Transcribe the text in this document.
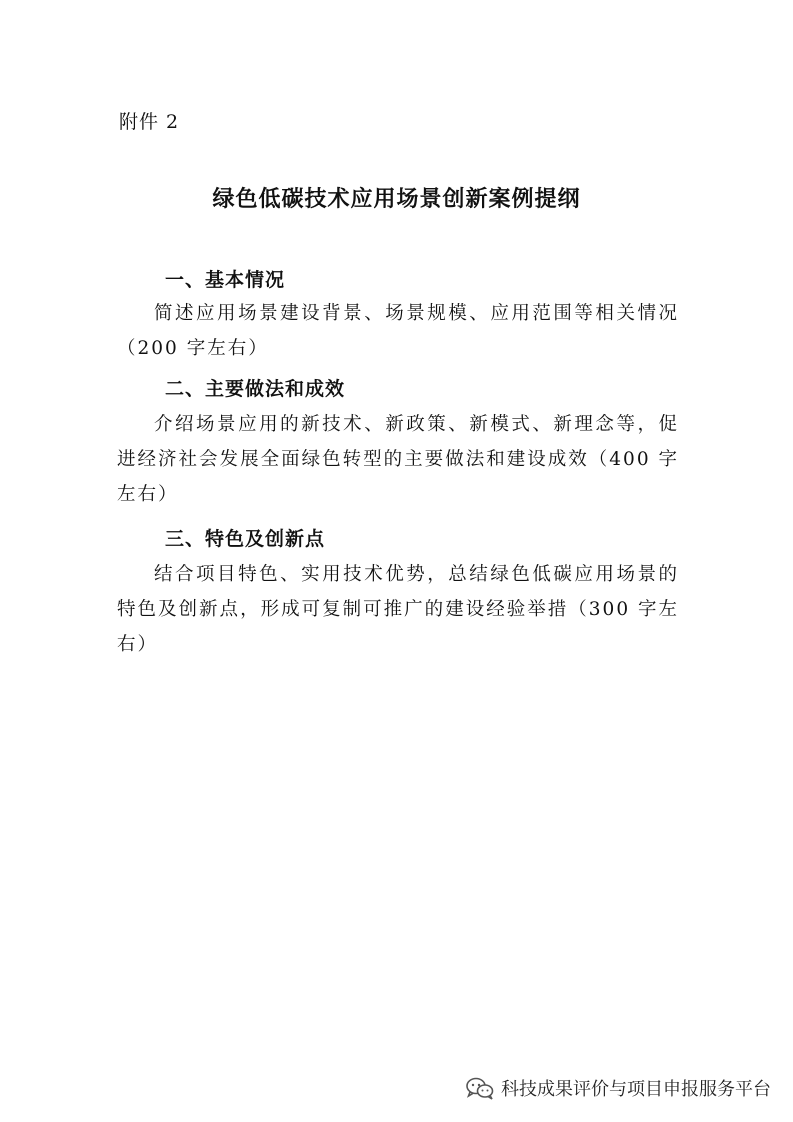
附件 2
绿色低碳技术应用场景创新案例提纲
一、基本情况
简述应用场景建设背景、场景规模、应用范围等相关情况（200 字左右）
二、主要做法和成效
介绍场景应用的新技术、新政策、新模式、新理念等，促进经济社会发展全面绿色转型的主要做法和建设成效（400 字左右）
三、特色及创新点
结合项目特色、实用技术优势，总结绿色低碳应用场景的特色及创新点，形成可复制可推广的建设经验举措（300 字左右）
科技成果评价与项目申报服务平台
